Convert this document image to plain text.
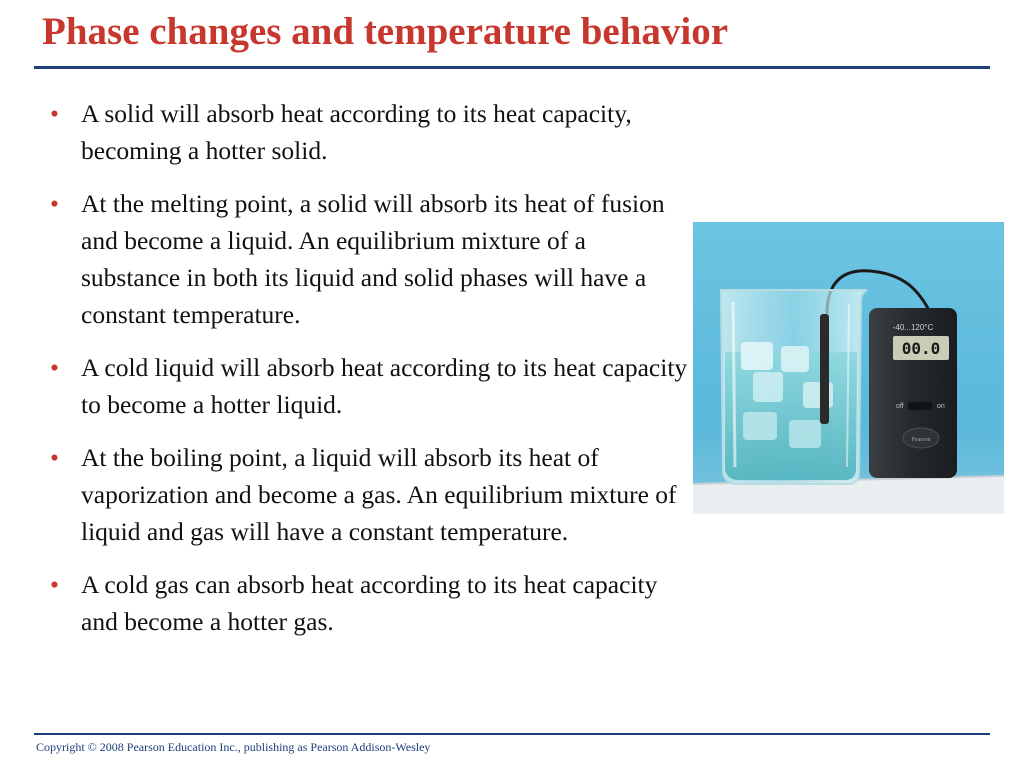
Phase changes and temperature behavior
• A solid will absorb heat according to its heat capacity, becoming a hotter solid.
• At the melting point, a solid will absorb its heat of fusion and become a liquid. An equilibrium mixture of a substance in both its liquid and solid phases will have a constant temperature.
• A cold liquid will absorb heat according to its heat capacity to become a hotter liquid.
• At the boiling point, a liquid will absorb its heat of vaporization and become a gas. An equilibrium mixture of liquid and gas will have a constant temperature.
• A cold gas can absorb heat according to its heat capacity and become a hotter gas.
-40...120°C
00.0
off	on
Pearson
Copyright © 2008 Pearson Education Inc., publishing as Pearson Addison-Wesley
